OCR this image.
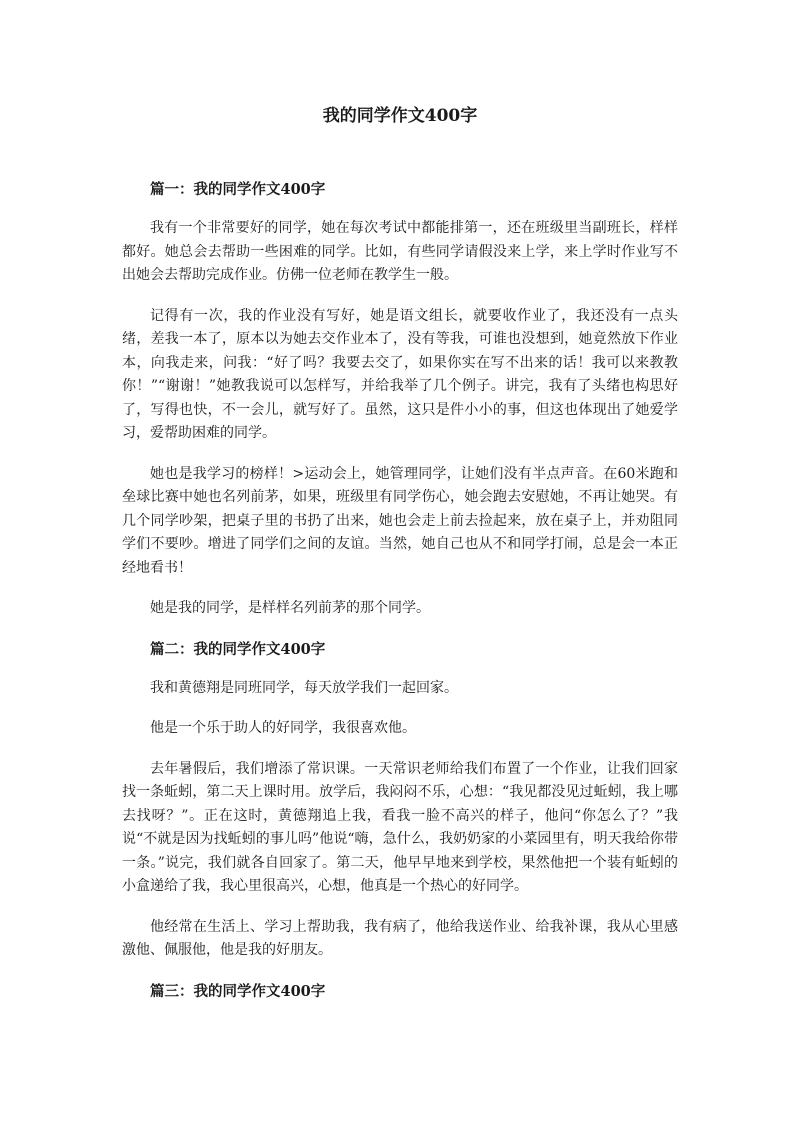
我的同学作文400字
篇一：我的同学作文400字

我有一个非常要好的同学，她在每次考试中都能排第一，还在班级里当副班长，样样都好。她总会去帮助一些困难的同学。比如，有些同学请假没来上学，来上学时作业写不出她会去帮助完成作业。仿佛一位老师在教学生一般。

记得有一次，我的作业没有写好，她是语文组长，就要收作业了，我还没有一点头绪，差我一本了，原本以为她去交作业本了，没有等我，可谁也没想到，她竟然放下作业本，向我走来，问我：“好了吗？我要去交了，如果你实在写不出来的话！我可以来教教你！”“谢谢！”她教我说可以怎样写，并给我举了几个例子。讲完，我有了头绪也构思好了，写得也快，不一会儿，就写好了。虽然，这只是件小小的事，但这也体现出了她爱学习，爱帮助困难的同学。

她也是我学习的榜样！>运动会上，她管理同学，让她们没有半点声音。在60米跑和垒球比赛中她也名列前茅，如果，班级里有同学伤心，她会跑去安慰她，不再让她哭。有几个同学吵架，把桌子里的书扔了出来，她也会走上前去捡起来，放在桌子上，并劝阻同学们不要吵。增进了同学们之间的友谊。当然，她自己也从不和同学打闹，总是会一本正经地看书！

她是我的同学，是样样名列前茅的那个同学。

篇二：我的同学作文400字

我和黄德翔是同班同学，每天放学我们一起回家。

他是一个乐于助人的好同学，我很喜欢他。

去年暑假后，我们增添了常识课。一天常识老师给我们布置了一个作业，让我们回家找一条蚯蚓，第二天上课时用。放学后，我闷闷不乐，心想：“我见都没见过蚯蚓，我上哪去找呀？”。正在这时，黄德翔追上我，看我一脸不高兴的样子，他问“你怎么了？”我说“不就是因为找蚯蚓的事儿吗”他说“嗨，急什么，我奶奶家的小菜园里有，明天我给你带一条。”说完，我们就各自回家了。第二天，他早早地来到学校，果然他把一个装有蚯蚓的小盒递给了我，我心里很高兴，心想，他真是一个热心的好同学。

他经常在生活上、学习上帮助我，我有病了，他给我送作业、给我补课，我从心里感激他、佩服他，他是我的好朋友。

篇三：我的同学作文400字
